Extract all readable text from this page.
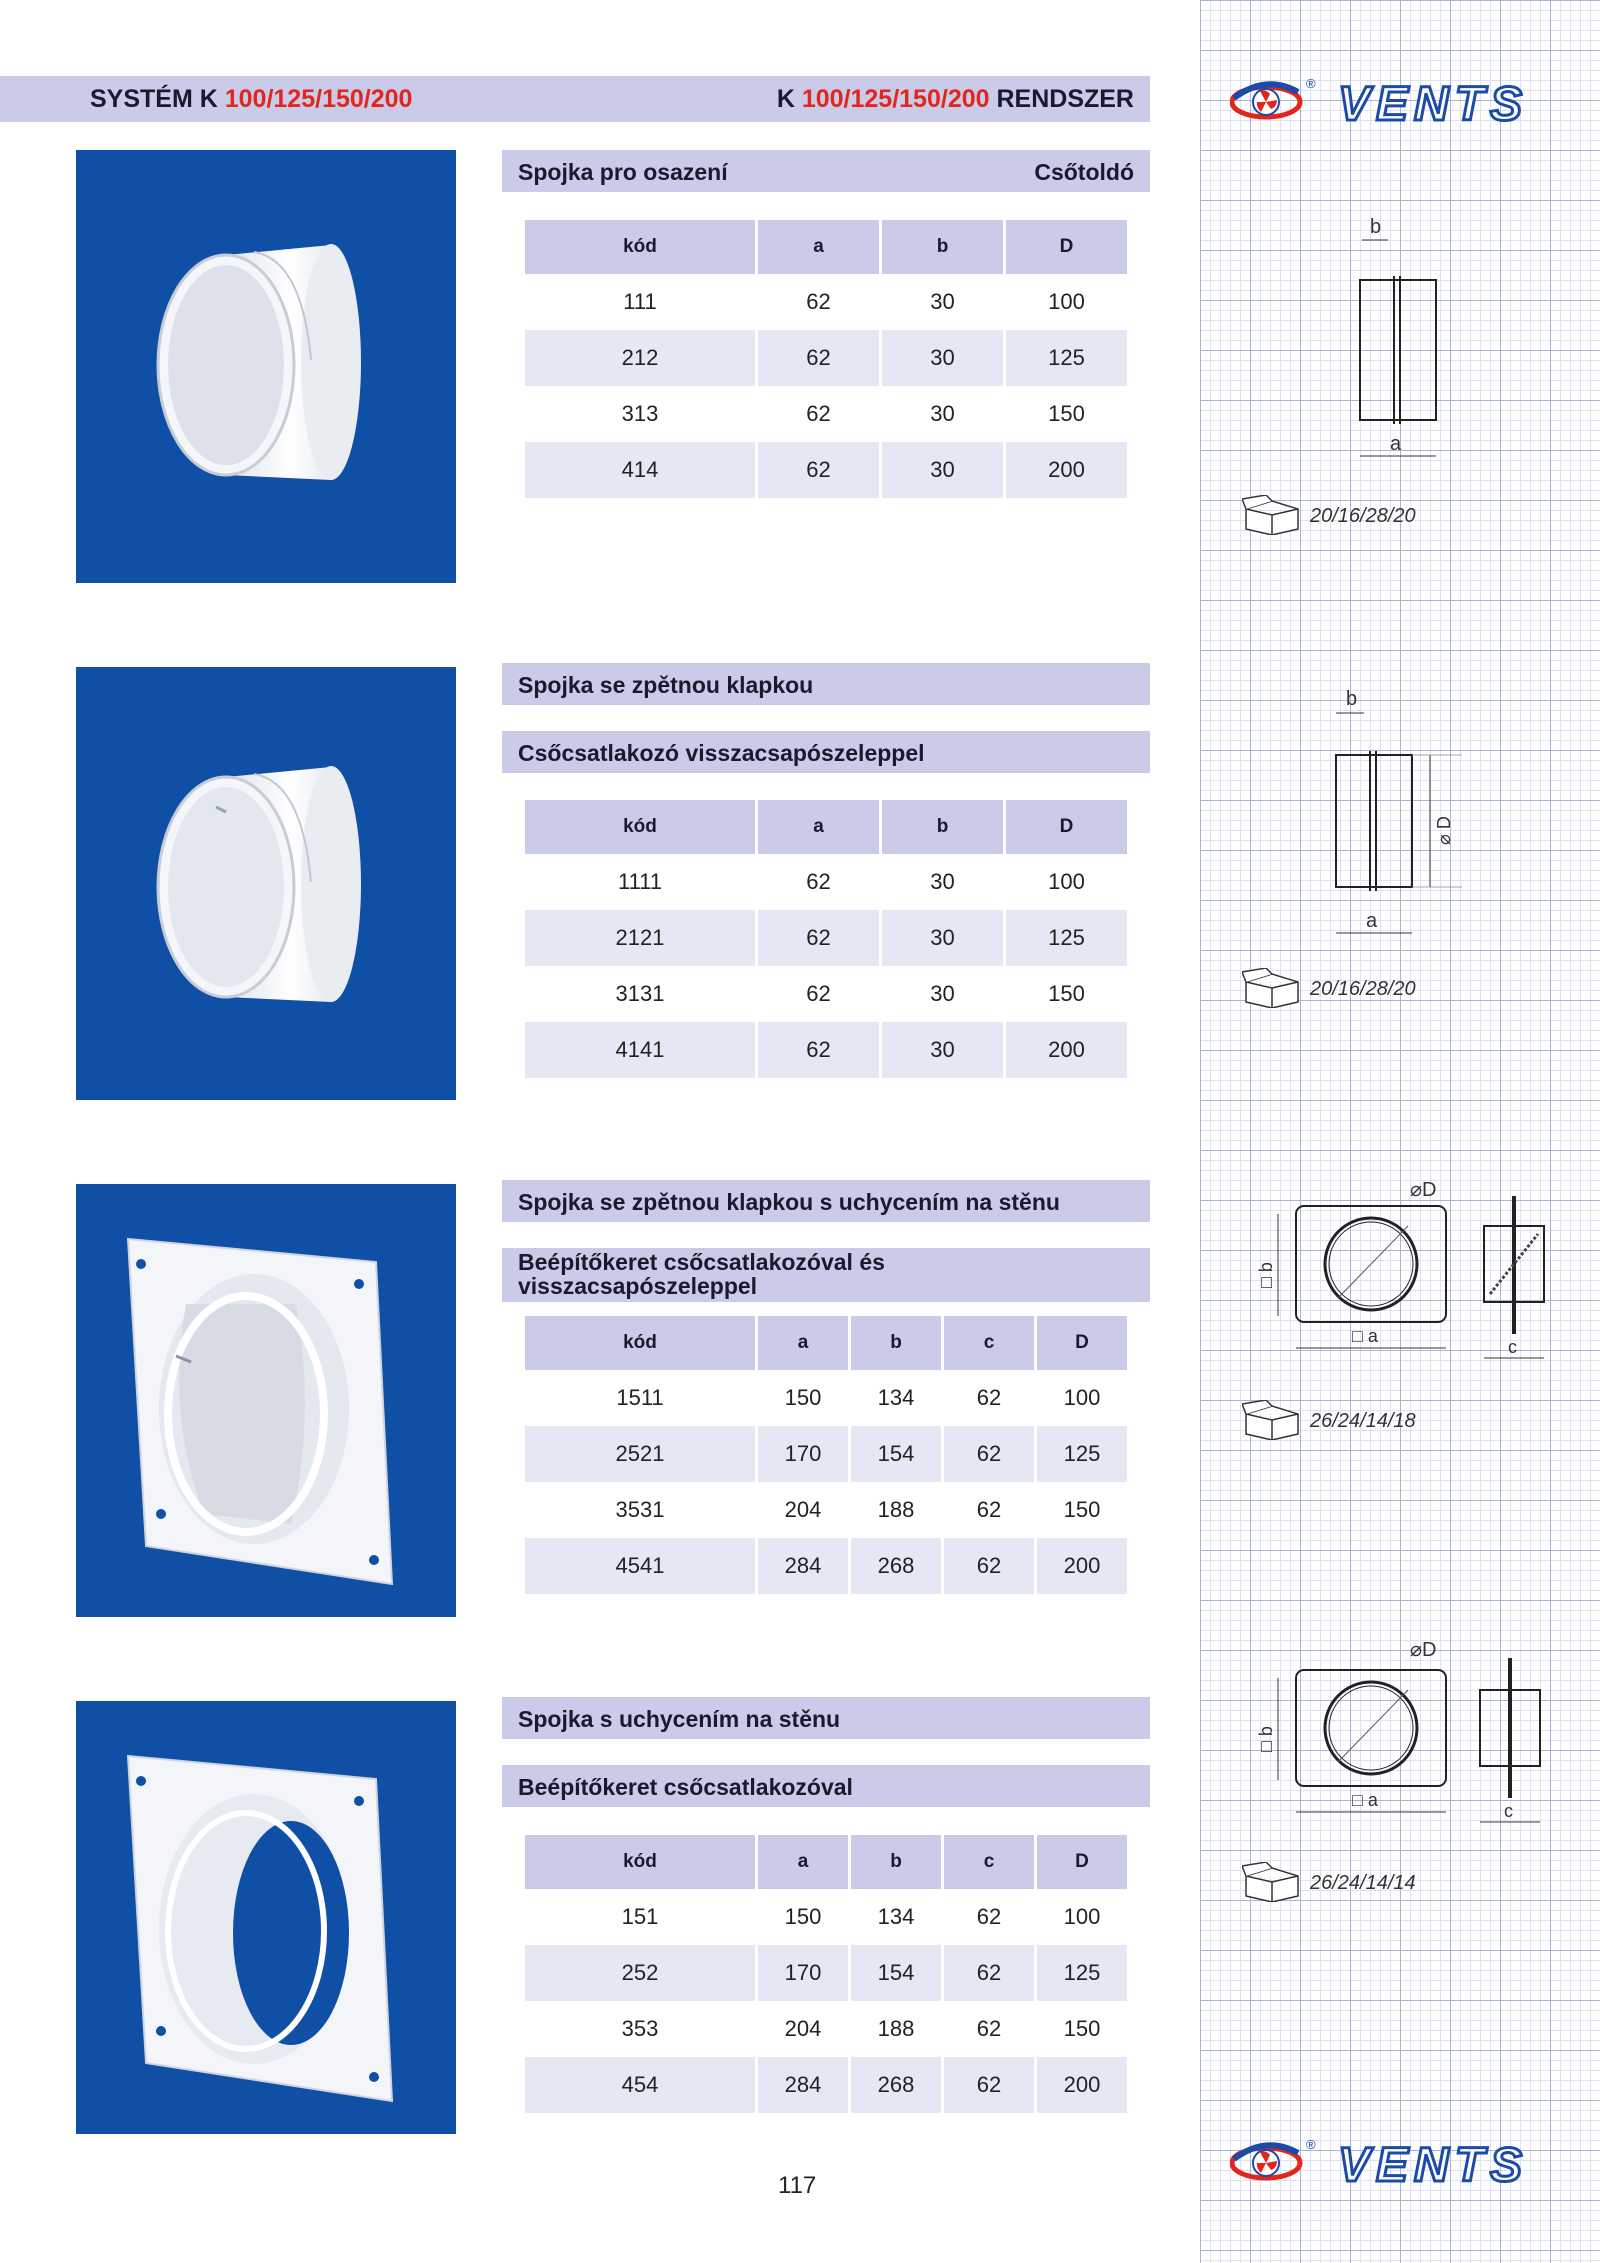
SYSTÉM K 100/125/150/200	K 100/125/150/200 RENDSZER
® VENTS
® VENTS
Spojka pro osazení	Csőtoldó
kód	a	b	D
111	62	30	100
212	62	30	125
313	62	30	150
414	62	30	200
b
a
20/16/28/20
Spojka se zpětnou klapkou
Csőcsatlakozó visszacsapószeleppel
kód	a	b	D
1111	62	30	100
2121	62	30	125
3131	62	30	150
4141	62	30	200
b
⌀ D
a
20/16/28/20
Spojka se zpětnou klapkou s uchycením na stěnu
Beépítőkeret csőcsatlakozóval és visszacsapószeleppel
kód	a	b	c	D
1511	150	134	62	100
2521	170	154	62	125
3531	204	188	62	150
4541	284	268	62	200
⌀D
□ b
□ a
c
26/24/14/18
Spojka s uchycením na stěnu
Beépítőkeret csőcsatlakozóval
kód	a	b	c	D
151	150	134	62	100
252	170	154	62	125
353	204	188	62	150
454	284	268	62	200
⌀D
□ b
□ a
c
26/24/14/14
117
